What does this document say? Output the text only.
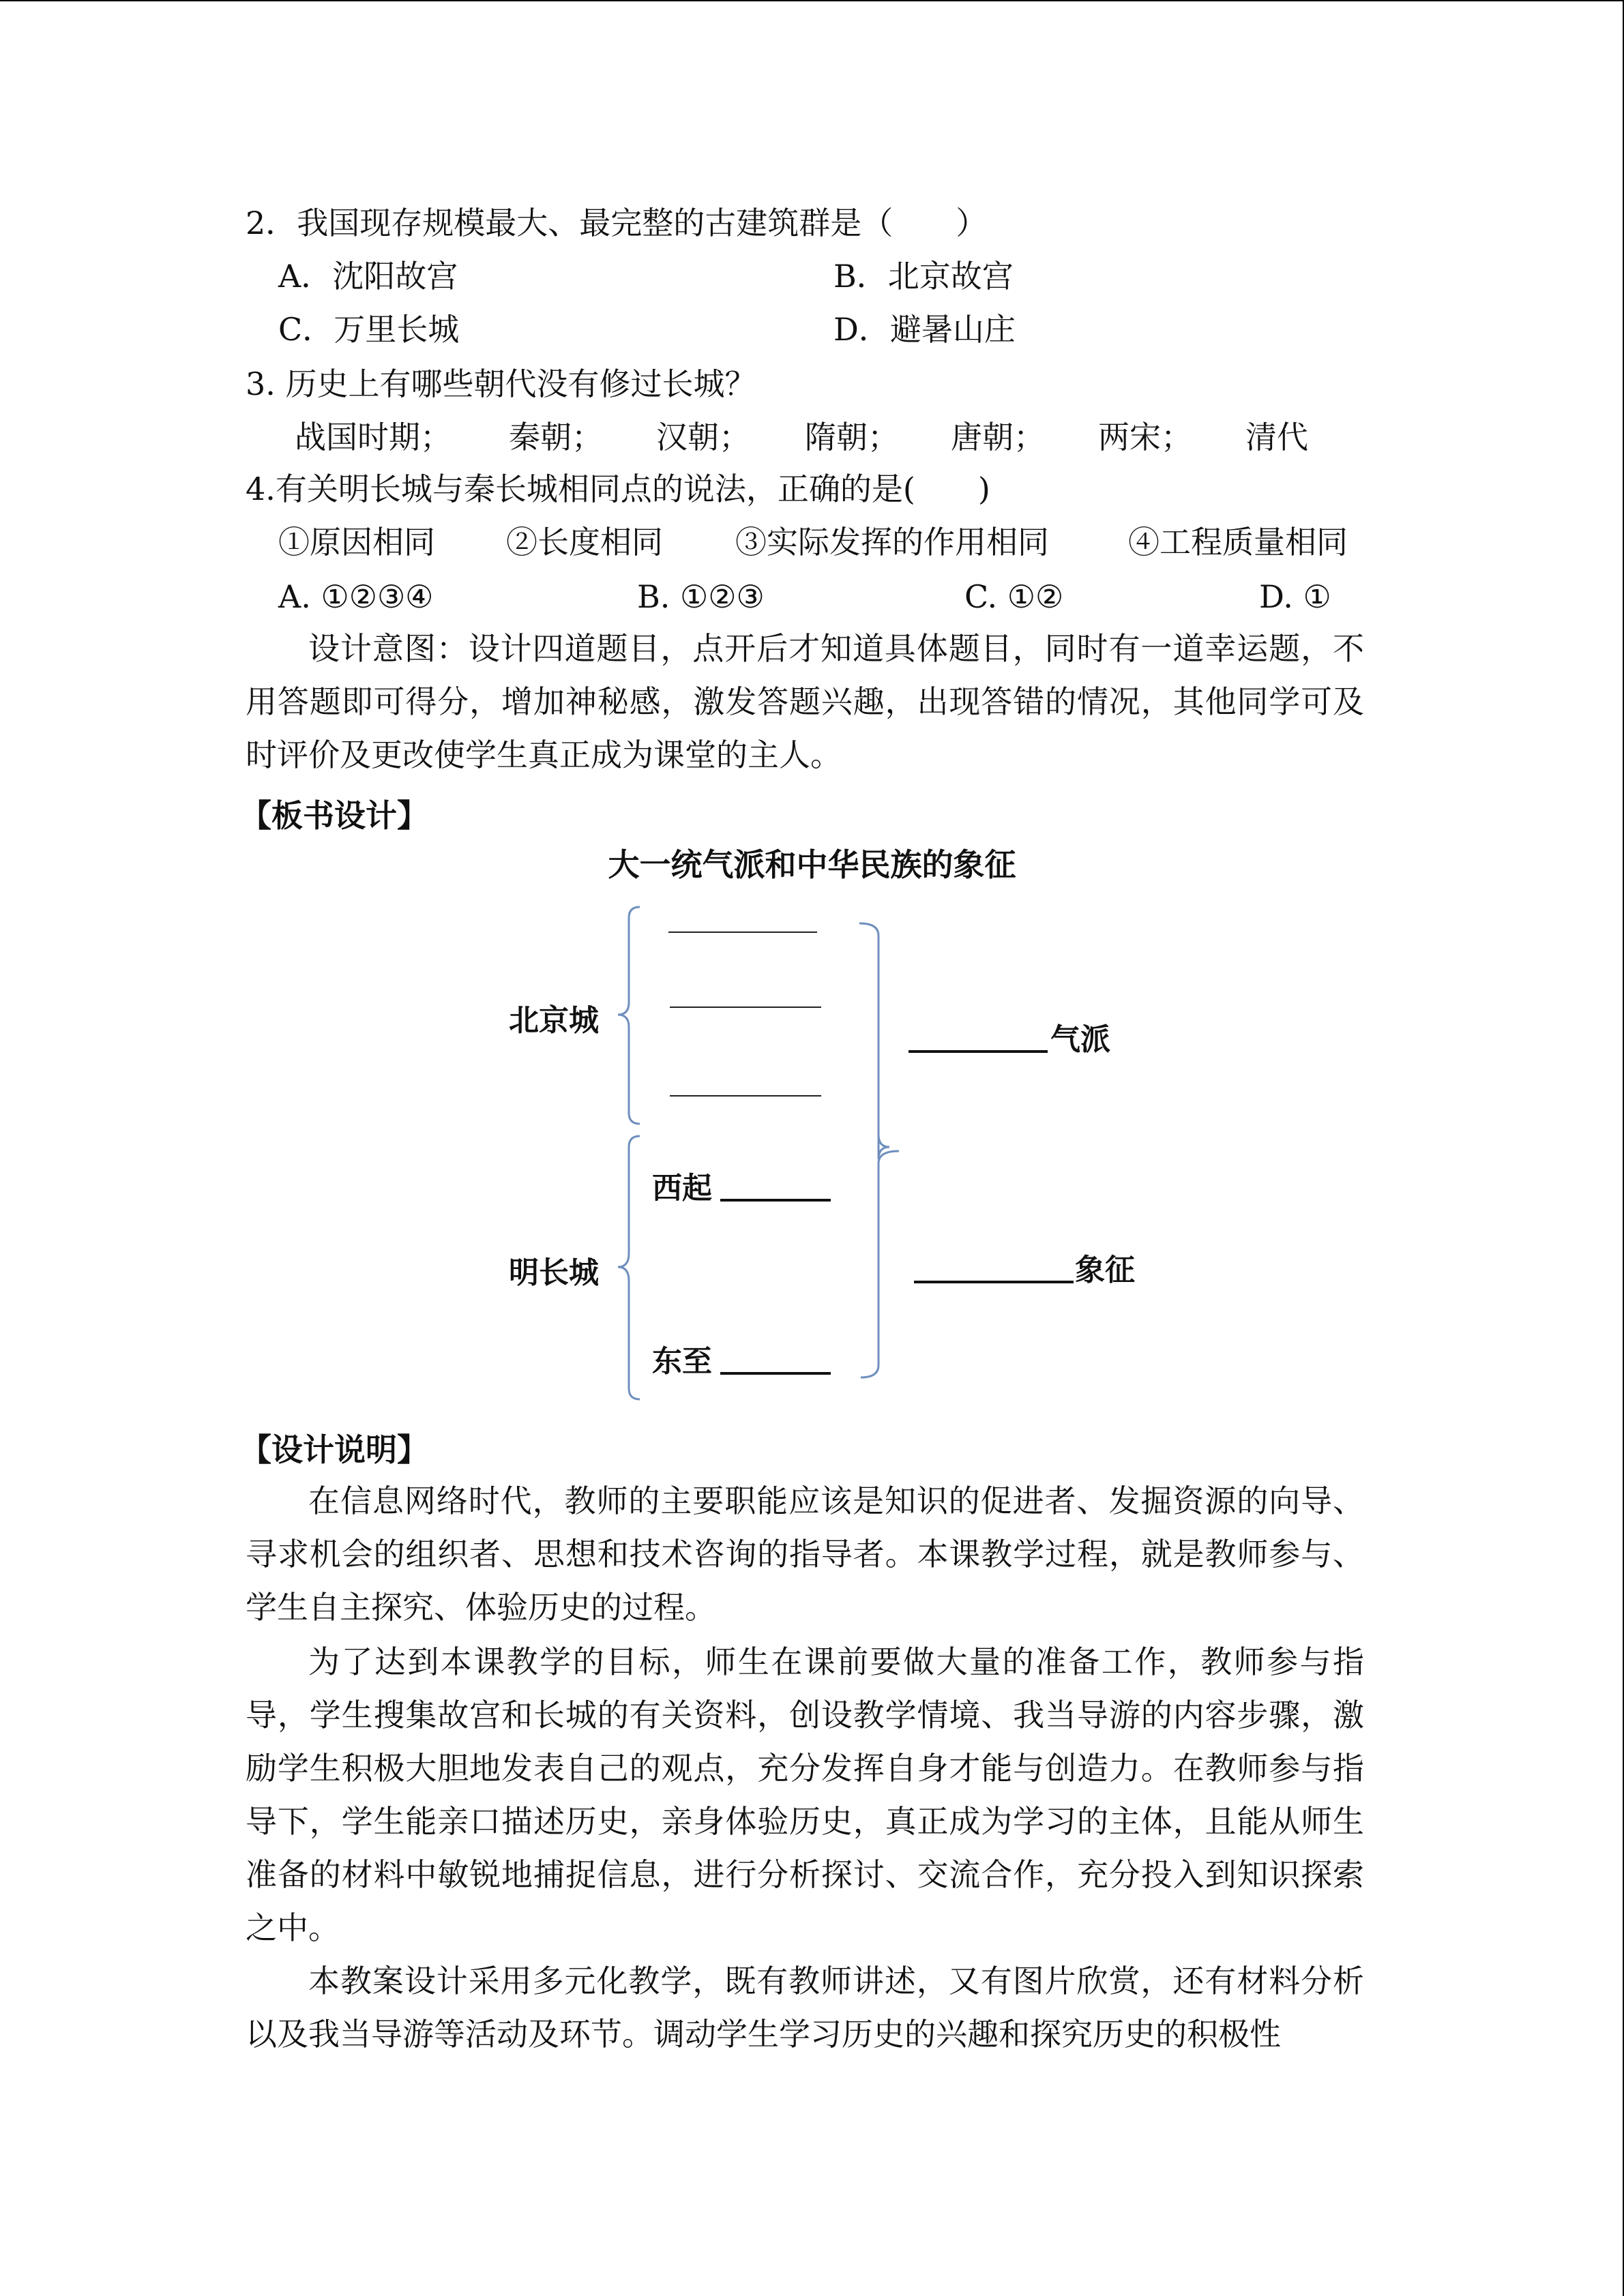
2．我国现存规模最大、最完整的古建筑群是（　　）
A．沈阳故宫	B．北京故宫
C．万里长城	D．避暑山庄
3. 历史上有哪些朝代没有修过长城？
战国时期； 秦朝； 汉朝； 隋朝； 唐朝； 两宋； 清代
4.有关明长城与秦长城相同点的说法，正确的是(　　)
①原因相同 ②长度相同 ③实际发挥的作用相同	④工程质量相同
A. ①②③④	B. ①②③	C. ①②	D. ①
设计意图：设计四道题目，点开后才知道具体题目，同时有一道幸运题，不用答题即可得分，增加神秘感，激发答题兴趣，出现答错的情况，其他同学可及时评价及更改使学生真正成为课堂的主人。
【板书设计】
大一统气派和中华民族的象征
北京城
明长城
西起
东至
气派
象征
【设计说明】
在信息网络时代，教师的主要职能应该是知识的促进者、发掘资源的向导、寻求机会的组织者、思想和技术咨询的指导者。本课教学过程，就是教师参与、学生自主探究、体验历史的过程。
为了达到本课教学的目标，师生在课前要做大量的准备工作，教师参与指导，学生搜集故宫和长城的有关资料，创设教学情境、我当导游的内容步骤，激励学生积极大胆地发表自己的观点，充分发挥自身才能与创造力。在教师参与指导下，学生能亲口描述历史，亲身体验历史，真正成为学习的主体，且能从师生准备的材料中敏锐地捕捉信息，进行分析探讨、交流合作，充分投入到知识探索之中。
本教案设计采用多元化教学，既有教师讲述，又有图片欣赏，还有材料分析以及我当导游等活动及环节。调动学生学习历史的兴趣和探究历史的积极性
